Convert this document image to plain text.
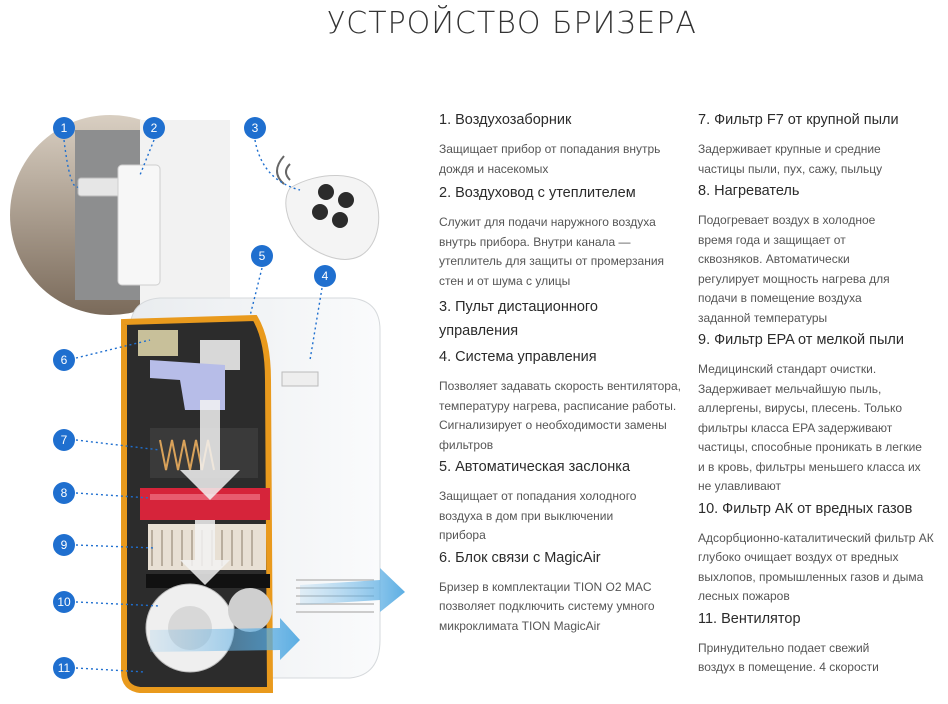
УСТРОЙСТВО БРИЗЕРА
1	2	3
4
5
6
7
8
9
10
11
1. Воздухозаборник

Защищает прибор от попадания внутрь дождя и насекомых

2. Воздуховод с утеплителем

Служит для подачи наружного воздуха внутрь прибора. Внутри канала — утеплитель для защиты от промерзания стен и от шума с улицы

3. Пульт дистационного управления
4. Система управления

Позволяет задавать скорость вентилятора, температуру нагрева, расписание работы. Сигнализирует о необходимости замены фильтров

5. Автоматическая заслонка

Защищает от попадания холодного воздуха в дом при выключении прибора

6. Блок связи с MagicAir

Бризер в комплектации TION O2 MAC позволяет подключить систему умного микроклимата TION MagicAir

7. Фильтр F7 от крупной пыли

Задерживает крупные и средние частицы пыли, пух, сажу, пыльцу

8. Нагреватель

Подогревает воздух в холодное время года и защищает от сквозняков. Автоматически регулирует мощность нагрева для подачи в помещение воздуха заданной температуры

9. Фильтр EPA от мелкой пыли

Медицинский стандарт очистки. Задерживает мельчайшую пыль, аллергены, вирусы, плесень. Только фильтры класса EPA задерживают частицы, способные проникать в легкие и в кровь, фильтры меньшего класса их не улавливают

10. Фильтр АК от вредных газов

Адсорбционно-каталитический фильтр АК глубоко очищает воздух от вредных выхлопов, промышленных газов и дыма лесных пожаров

11. Вентилятор

Принудительно подает свежий воздух в помещение. 4 скорости
